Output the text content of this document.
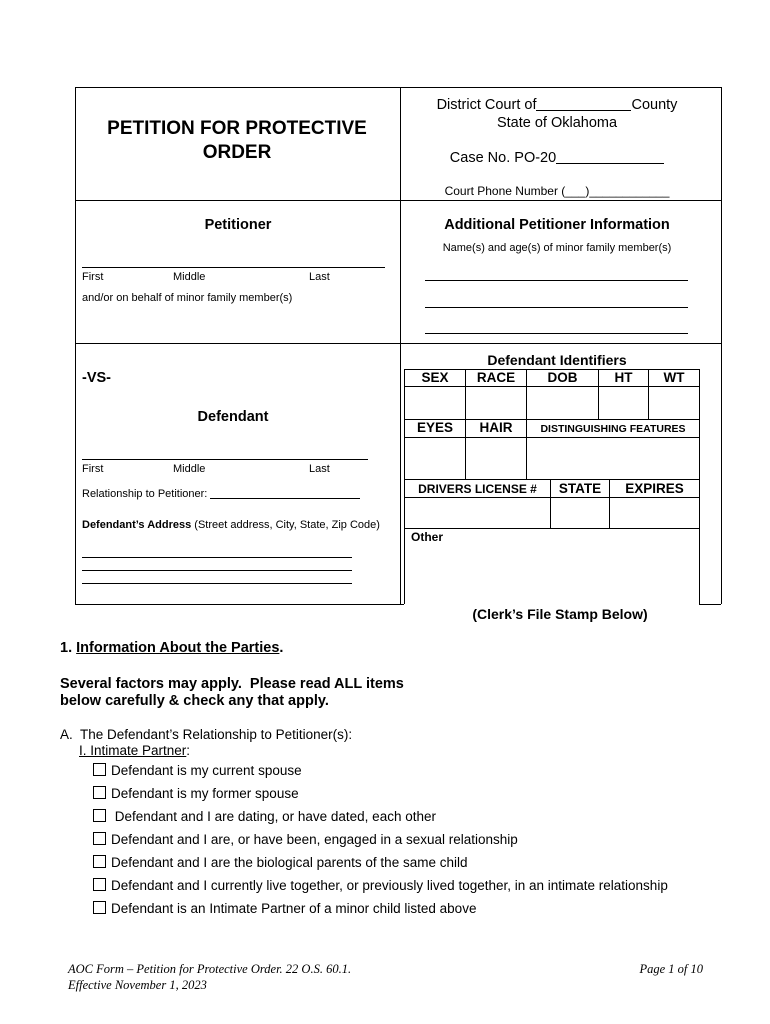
PETITION FOR PROTECTIVE ORDER
District Court of	County
State of Oklahoma
Case No. PO-20
Court Phone Number (___)____________
Petitioner
First	Middle	Last
and/or on behalf of minor family member(s)
Additional Petitioner Information
Name(s) and age(s) of minor family member(s)
-VS-
Defendant
First	Middle	Last
Relationship to Petitioner:
Defendant’s Address (Street address, City, State, Zip Code)
Defendant Identifiers
SEX	RACE	DOB	HT	WT
EYES	HAIR	DISTINGUISHING FEATURES
DRIVERS LICENSE #	STATE	EXPIRES
Other
(Clerk’s File Stamp Below)
1. Information About the Parties.
Several factors may apply.  Please read ALL items
below carefully & check any that apply.
A.  The Defendant’s Relationship to Petitioner(s):
I. Intimate Partner:
Defendant is my current spouse
Defendant is my former spouse
Defendant and I are dating, or have dated, each other
Defendant and I are, or have been, engaged in a sexual relationship
Defendant and I are the biological parents of the same child
Defendant and I currently live together, or previously lived together, in an intimate relationship
Defendant is an Intimate Partner of a minor child listed above
AOC Form – Petition for Protective Order. 22 O.S. 60.1.
Effective November 1, 2023
Page 1 of 10
